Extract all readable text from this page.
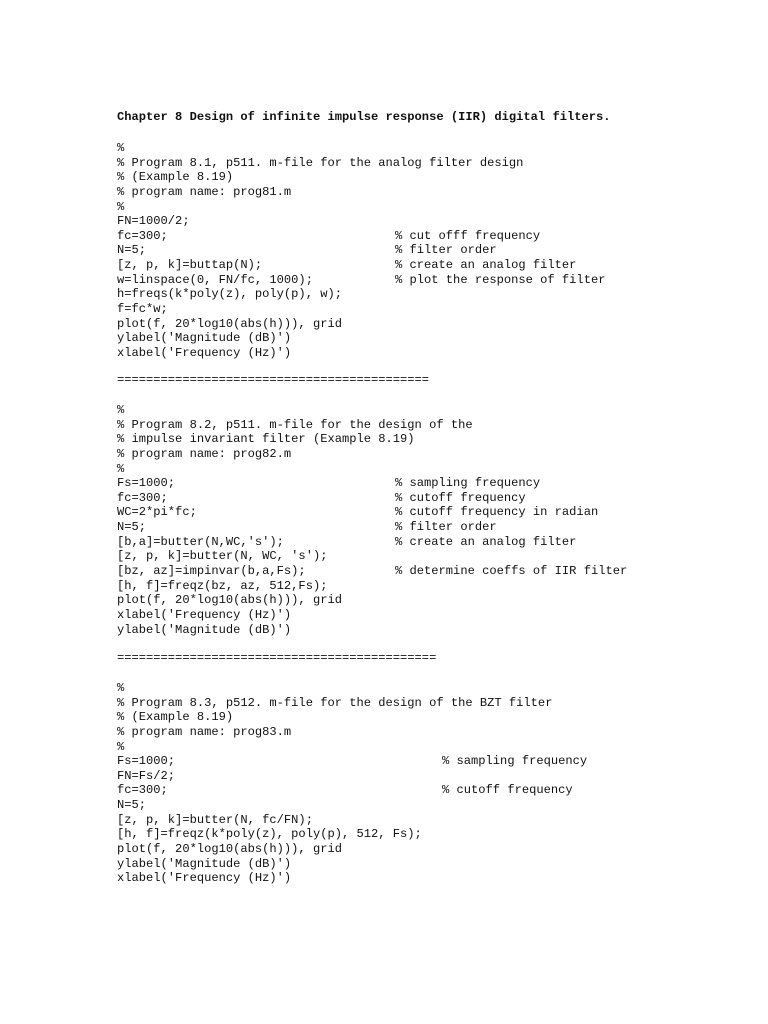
Chapter 8 Design of infinite impulse response (IIR) digital filters.
%
% Program 8.1, p511. m-file for the analog filter design
% (Example 8.19)
% program name: prog81.m
%
FN=1000/2;
fc=300;	% cut offf frequency
N=5;	% filter order
[z, p, k]=buttap(N);	% create an analog filter
w=linspace(0, FN/fc, 1000);	% plot the response of filter
h=freqs(k*poly(z), poly(p), w);
f=fc*w;
plot(f, 20*log10(abs(h))), grid
ylabel('Magnitude (dB)')
xlabel('Frequency (Hz)')
===========================================
%
% Program 8.2, p511. m-file for the design of the
% impulse invariant filter (Example 8.19)
% program name: prog82.m
%
Fs=1000;	% sampling frequency
fc=300;	% cutoff frequency
WC=2*pi*fc;	% cutoff frequency in radian
N=5;	% filter order
[b,a]=butter(N,WC,'s');	% create an analog filter
[z, p, k]=butter(N, WC, 's');
[bz, az]=impinvar(b,a,Fs);	% determine coeffs of IIR filter
[h, f]=freqz(bz, az, 512,Fs);
plot(f, 20*log10(abs(h))), grid
xlabel('Frequency (Hz)')
ylabel('Magnitude (dB)')
============================================
%
% Program 8.3, p512. m-file for the design of the BZT filter
% (Example 8.19)
% program name: prog83.m
%
Fs=1000;	% sampling frequency
FN=Fs/2;
fc=300;	% cutoff frequency
N=5;
[z, p, k]=butter(N, fc/FN);
[h, f]=freqz(k*poly(z), poly(p), 512, Fs);
plot(f, 20*log10(abs(h))), grid
ylabel('Magnitude (dB)')
xlabel('Frequency (Hz)')
